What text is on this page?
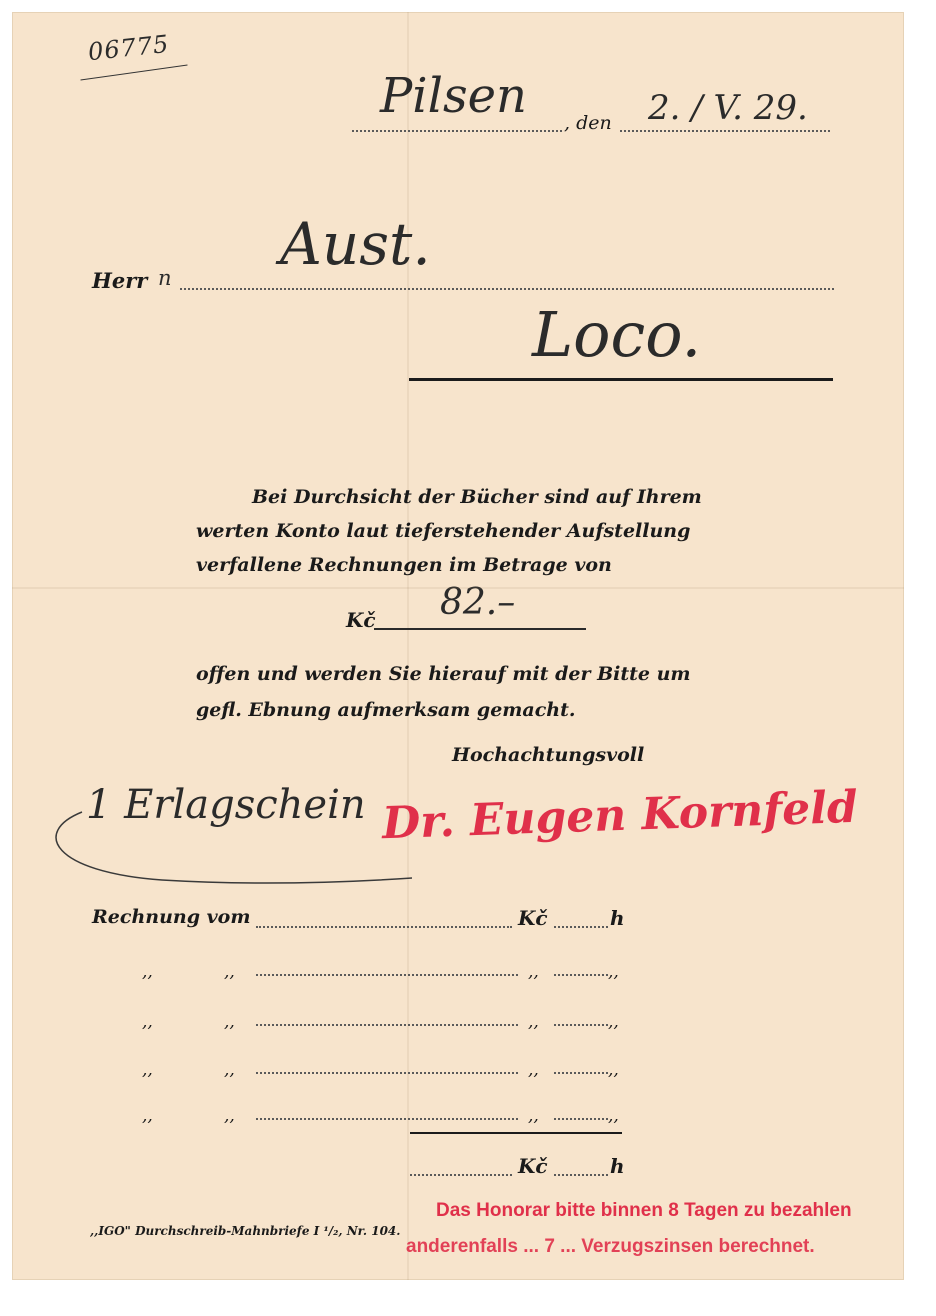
06775
Pilsen , den 2. / V. 29.
Herr n Aust.
Loco.
Bei Durchsicht der Bücher sind auf Ihrem
werten Konto laut tieferstehender Aufstellung
verfallene Rechnungen im Betrage von
Kč 82.–
offen und werden Sie hierauf mit der Bitte um
gefl. Ebnung aufmerksam gemacht.
Hochachtungsvoll
1 Erlagschein Dr. Eugen Kornfeld
Rechnung vom	Kč	h
,,	,,	,,	,,
,,	,,	,,	,,
,,	,,	,,	,,
,,	,,	,,	,,
Kč	h
,,IGO" Durchschreib-Mahnbriefe I ¹/₂, Nr. 104.
Das Honorar bitte binnen 8 Tagen zu bezahlen
anderenfalls ... 7 ... Verzugszinsen berechnet.
